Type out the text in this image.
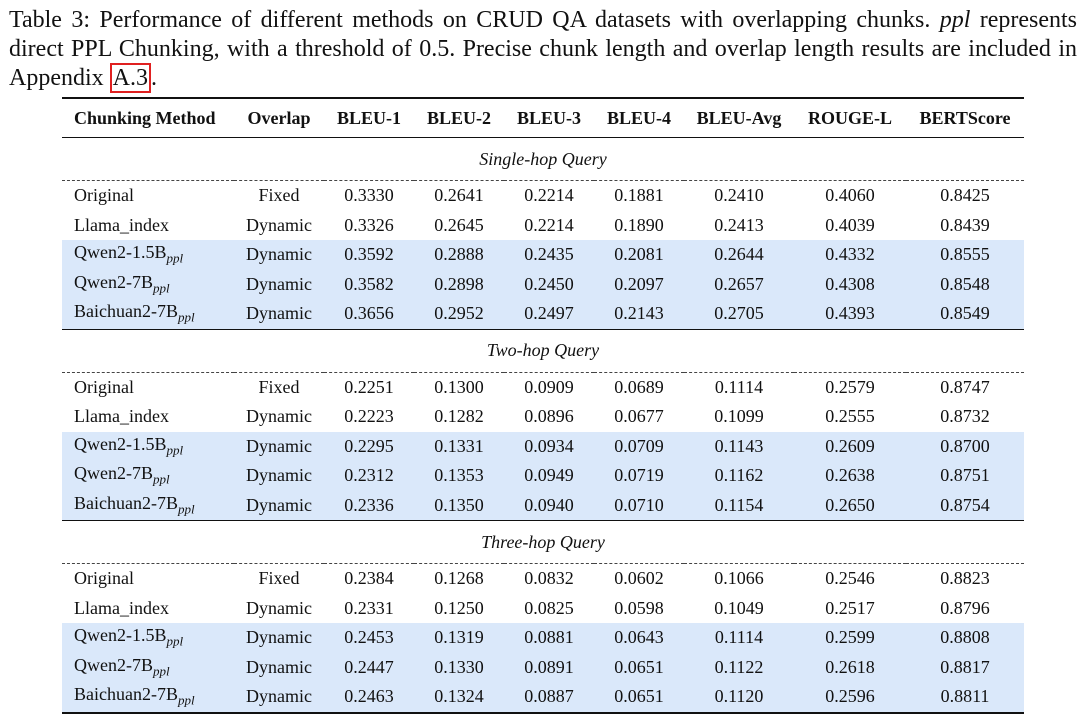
Table 3: Performance of different methods on CRUD QA datasets with overlapping chunks. ppl represents direct PPL Chunking, with a threshold of 0.5. Precise chunk length and overlap length results are included in Appendix A.3 .

Chunking Method	Overlap	BLEU-1	BLEU-2	BLEU-3	BLEU-4	BLEU-Avg	ROUGE-L	BERTScore

Single-hop Query								

Original	Fixed	0.3330	0.2641	0.2214	0.1881	0.2410	0.4060	0.8425
Llama_index	Dynamic	0.3326	0.2645	0.2214	0.1890	0.2413	0.4039	0.8439
$Qwen2-1.5B_{ppl}$	Dynamic	0.3592	0.2888	0.2435	0.2081	0.2644	0.4332	0.8555
$Qwen2-7B_{ppl}$	Dynamic	0.3582	0.2898	0.2450	0.2097	0.2657	0.4308	0.8548
$Baichuan2-7B_{ppl}$	Dynamic	0.3656	0.2952	0.2497	0.2143	0.2705	0.4393	0.8549

Two-hop Query								

Original	Fixed	0.2251	0.1300	0.0909	0.0689	0.1114	0.2579	0.8747
Llama_index	Dynamic	0.2223	0.1282	0.0896	0.0677	0.1099	0.2555	0.8732
$Qwen2-1.5B_{ppl}$	Dynamic	0.2295	0.1331	0.0934	0.0709	0.1143	0.2609	0.8700
$Qwen2-7B_{ppl}$	Dynamic	0.2312	0.1353	0.0949	0.0719	0.1162	0.2638	0.8751
$Baichuan2-7B_{ppl}$	Dynamic	0.2336	0.1350	0.0940	0.0710	0.1154	0.2650	0.8754

Three-hop Query								

Original	Fixed	0.2384	0.1268	0.0832	0.0602	0.1066	0.2546	0.8823
Llama_index	Dynamic	0.2331	0.1250	0.0825	0.0598	0.1049	0.2517	0.8796
$Qwen2-1.5B_{ppl}$	Dynamic	0.2453	0.1319	0.0881	0.0643	0.1114	0.2599	0.8808
$Qwen2-7B_{ppl}$	Dynamic	0.2447	0.1330	0.0891	0.0651	0.1122	0.2618	0.8817
$Baichuan2-7B_{ppl}$	Dynamic	0.2463	0.1324	0.0887	0.0651	0.1120	0.2596	0.8811
